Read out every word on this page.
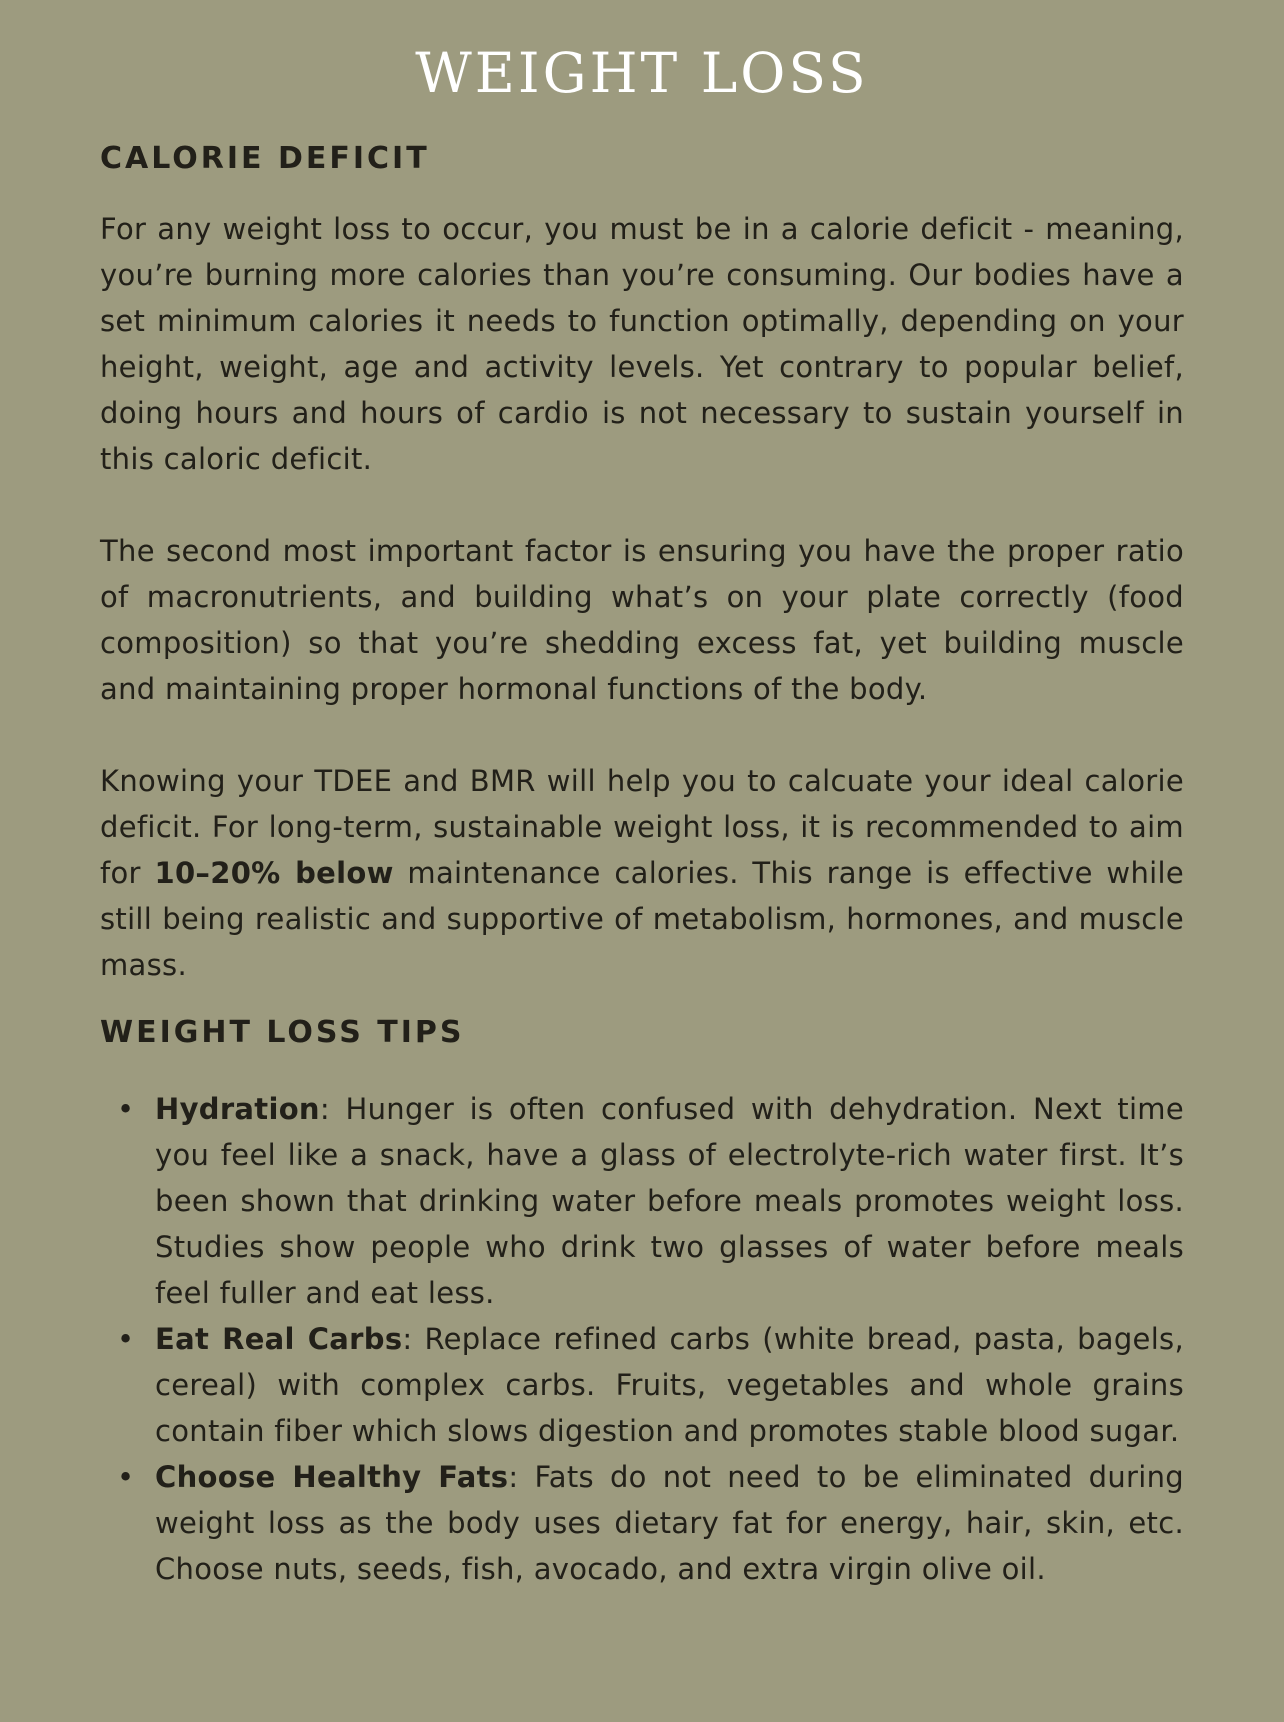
WEIGHT LOSS
CALORIE DEFICIT

For any weight loss to occur, you must be in a calorie deficit - meaning, you’re burning more calories than you’re consuming. Our bodies have a set minimum calories it needs to function optimally, depending on your height, weight, age and activity levels. Yet contrary to popular belief, doing hours and hours of cardio is not necessary to sustain yourself in this caloric deficit.

The second most important factor is ensuring you have the proper ratio of macronutrients, and building what’s on your plate correctly (food composition) so that you’re shedding excess fat, yet building muscle and maintaining proper hormonal functions of the body.

Knowing your TDEE and BMR will help you to calcuate your ideal calorie deficit. For long-term, sustainable weight loss, it is recommended to aim for 10–20% below maintenance calories. This range is effective while still being realistic and supportive of metabolism, hormones, and muscle mass.

WEIGHT LOSS TIPS
• Hydration: Hunger is often confused with dehydration. Next time you feel like a snack, have a glass of electrolyte-rich water first. It’s been shown that drinking water before meals promotes weight loss. Studies show people who drink two glasses of water before meals feel fuller and eat less.
• Eat Real Carbs: Replace refined carbs (white bread, pasta, bagels, cereal) with complex carbs. Fruits, vegetables and whole grains contain fiber which slows digestion and promotes stable blood sugar.
• Choose Healthy Fats: Fats do not need to be eliminated during weight loss as the body uses dietary fat for energy, hair, skin, etc. Choose nuts, seeds, fish, avocado, and extra virgin olive oil.
